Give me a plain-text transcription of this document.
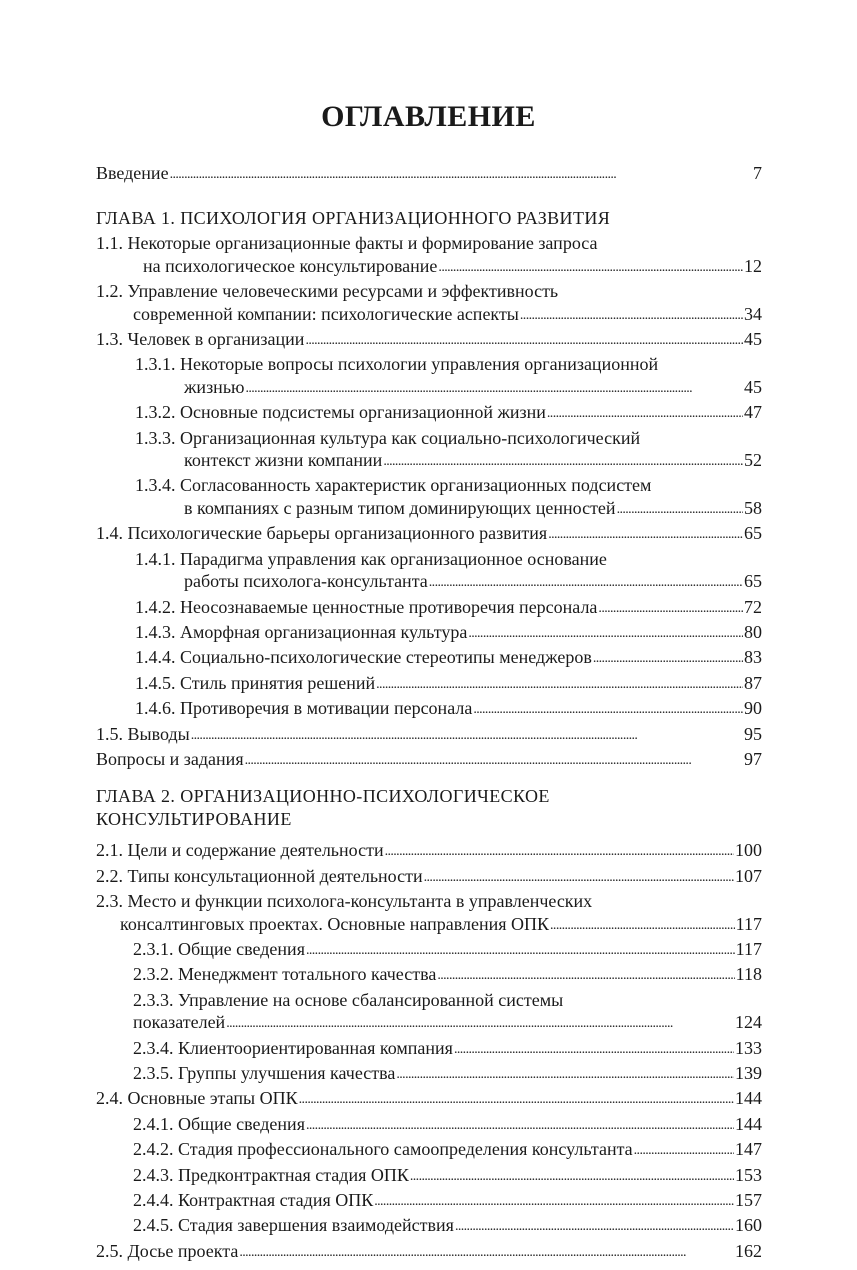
ОГЛАВЛЕНИЕ
Введение . . .	7
ГЛАВА 1. ПСИХОЛОГИЯ ОРГАНИЗАЦИОННОГО РАЗВИТИЯ
1.1. Некоторые организационные факты и формирование запроса
на психологическое консультирование . . .	12
1.2. Управление человеческими ресурсами и эффективность
современной компании: психологические аспекты . . .	34
1.3. Человек в организации . . .	45
1.3.1. Некоторые вопросы психологии управления организационной
жизнью . . .	45
1.3.2. Основные подсистемы организационной жизни . . .	47
1.3.3. Организационная культура как социально-психологический
контекст жизни компании . . .	52
1.3.4. Согласованность характеристик организационных подсистем
в компаниях с разным типом доминирующих ценностей . . .	58
1.4. Психологические барьеры организационного развития . . .	65
1.4.1. Парадигма управления как организационное основание
работы психолога-консультанта . . .	65
1.4.2. Неосознаваемые ценностные противоречия персонала . . .	72
1.4.3. Аморфная организационная культура . . .	80
1.4.4. Социально-психологические стереотипы менеджеров . . .	83
1.4.5. Стиль принятия решений . . .	87
1.4.6. Противоречия в мотивации персонала . . .	90
1.5. Выводы . . .	95
Вопросы и задания . . .	97
ГЛАВА 2. ОРГАНИЗАЦИОННО-ПСИХОЛОГИЧЕСКОЕ
КОНСУЛЬТИРОВАНИЕ
2.1. Цели и содержание деятельности . . .	100
2.2. Типы консультационной деятельности . . .	107
2.3. Место и функции психолога-консультанта в управленческих
консалтинговых проектах. Основные направления ОПК . . .	117
2.3.1. Общие сведения . . .	117
2.3.2. Менеджмент тотального качества . . .	118
2.3.3. Управление на основе сбалансированной системы
показателей . . .	124
2.3.4. Клиентоориентированная компания . . .	133
2.3.5. Группы улучшения качества . . .	139
2.4. Основные этапы ОПК . . .	144
2.4.1. Общие сведения . . .	144
2.4.2. Стадия профессионального самоопределения консультанта . . .	147
2.4.3. Предконтрактная стадия ОПК . . .	153
2.4.4. Контрактная стадия ОПК . . .	157
2.4.5. Стадия завершения взаимодействия . . .	160
2.5. Досье проекта . . .	162
